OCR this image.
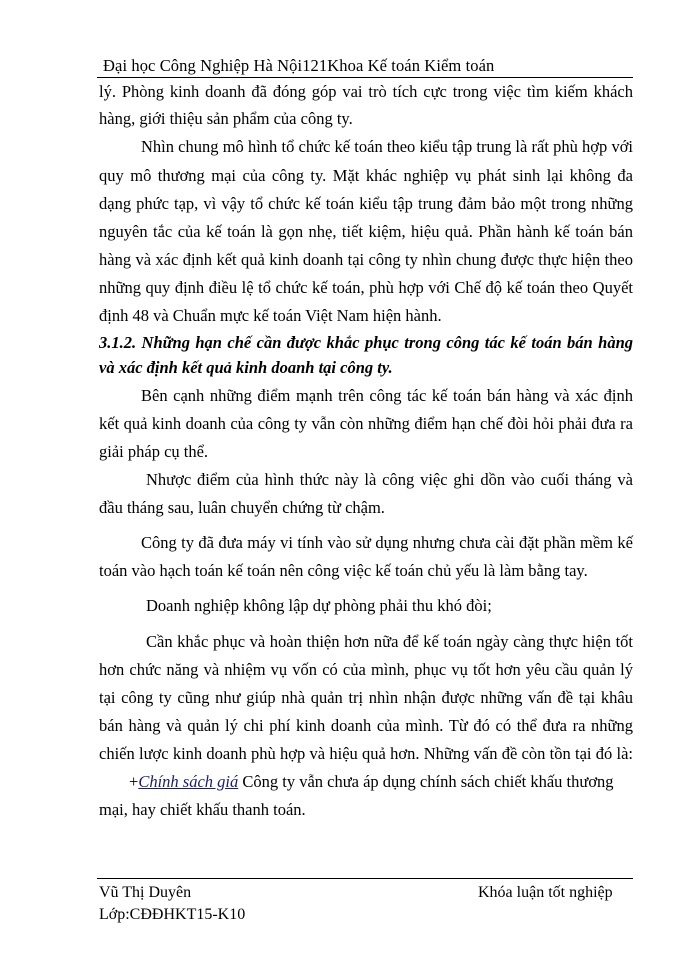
Đại học Công Nghiệp Hà Nội121Khoa Kế toán Kiểm toán
lý. Phòng kinh doanh đã đóng góp vai trò tích cực trong việc tìm kiếm khách
hàng, giới thiệu sản phẩm của công ty.
Nhìn chung mô hình tổ chức kế toán theo kiểu tập trung là rất phù hợp với
quy mô thương mại của công ty. Mặt khác nghiệp vụ phát sinh lại không đa
dạng phức tạp, vì vậy tổ chức kế toán kiểu tập trung đảm bảo một trong những
nguyên tắc của kế toán là gọn nhẹ, tiết kiệm, hiệu quả. Phần hành kế toán bán
hàng và xác định kết quả kinh doanh tại công ty nhìn chung được thực hiện theo
những quy định điều lệ tổ chức kế toán, phù hợp với Chế độ kế toán theo Quyết
định 48 và Chuẩn mực kế toán Việt Nam hiện hành.
3.1.2. Những hạn chế cần được khắc phục trong công tác kế toán bán hàng
và xác định kết quả kinh doanh tại công ty.
Bên cạnh những điểm mạnh trên công tác kế toán bán hàng và xác định
kết quả kinh doanh của công ty vẫn còn những điểm hạn chế đòi hỏi phải đưa ra
giải pháp cụ thể.
Nhược điểm của hình thức này là công việc ghi dồn vào cuối tháng và
đầu tháng sau, luân chuyển chứng từ chậm.
Công ty đã đưa máy vi tính vào sử dụng nhưng chưa cài đặt phần mềm kế
toán vào hạch toán kế toán nên công việc kế toán chủ yếu là làm bằng tay.
Doanh nghiệp không lập dự phòng phải thu khó đòi;
Cần khắc phục và hoàn thiện hơn nữa để kế toán ngày càng thực hiện tốt
hơn chức năng và nhiệm vụ vốn có của mình, phục vụ tốt hơn yêu cầu quản lý
tại công ty cũng như giúp nhà quản trị nhìn nhận được những vấn đề tại khâu
bán hàng và quản lý chi phí kinh doanh của mình. Từ đó có thể đưa ra những
chiến lược kinh doanh phù hợp và hiệu quả hơn. Những vấn đề còn tồn tại đó là:
+Chính sách giá Công ty vẫn chưa áp dụng chính sách chiết khấu thương
mại, hay chiết khấu thanh toán.
Vũ Thị Duyên	Khóa luận tốt nghiệp
Lớp:CĐĐHKT15-K10
